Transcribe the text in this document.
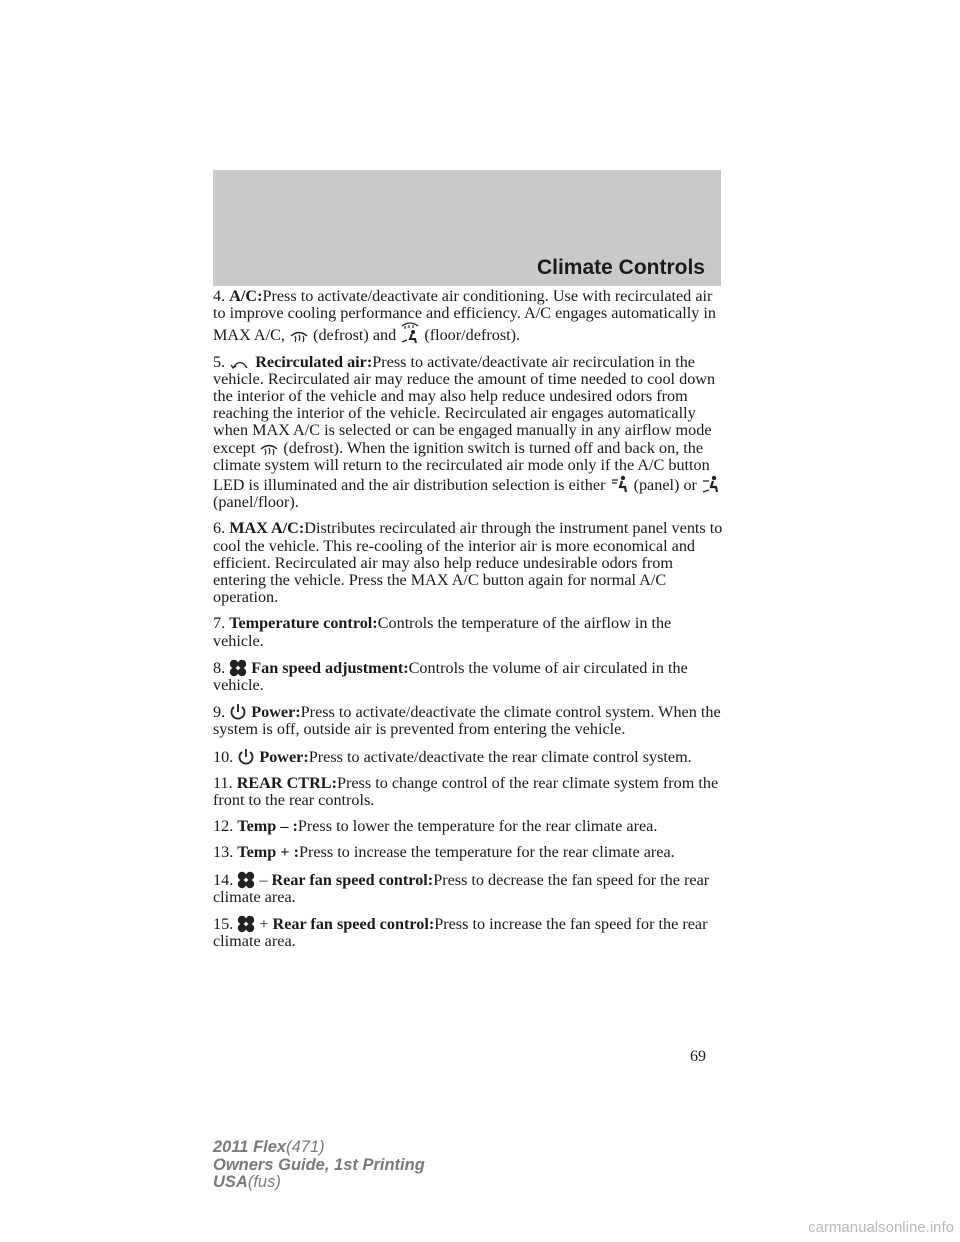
Climate Controls

4. A/C:Press to activate/deactivate air conditioning. Use with recirculated air to improve cooling performance and efficiency. A/C engages automatically in MAX A/C, (defrost) and (floor/defrost).

5. Recirculated air:Press to activate/deactivate air recirculation in the vehicle. Recirculated air may reduce the amount of time needed to cool down the interior of the vehicle and may also help reduce undesired odors from reaching the interior of the vehicle. Recirculated air engages automatically when MAX A/C is selected or can be engaged manually in any airflow mode except (defrost). When the ignition switch is turned off and back on, the climate system will return to the recirculated air mode only if the A/C button LED is illuminated and the air distribution selection is either (panel) or
(panel/floor).

6. MAX A/C:Distributes recirculated air through the instrument panel vents to cool the vehicle. This re-cooling of the interior air is more economical and efficient. Recirculated air may also help reduce undesirable odors from entering the vehicle. Press the MAX A/C button again for normal A/C operation.

7. Temperature control:Controls the temperature of the airflow in the vehicle.

8. Fan speed adjustment:Controls the volume of air circulated in the vehicle.

9. Power:Press to activate/deactivate the climate control system. When the system is off, outside air is prevented from entering the vehicle.

10. Power:Press to activate/deactivate the rear climate control system.

11. REAR CTRL:Press to change control of the rear climate system from the front to the rear controls.

12. Temp – :Press to lower the temperature for the rear climate area.

13. Temp + :Press to increase the temperature for the rear climate area.

14. – Rear fan speed control:Press to decrease the fan speed for the rear climate area.

15. + Rear fan speed control:Press to increase the fan speed for the rear climate area.

69
2011 Flex(471)
Owners Guide, 1st Printing
USA(fus)
carmanualsonline.info
